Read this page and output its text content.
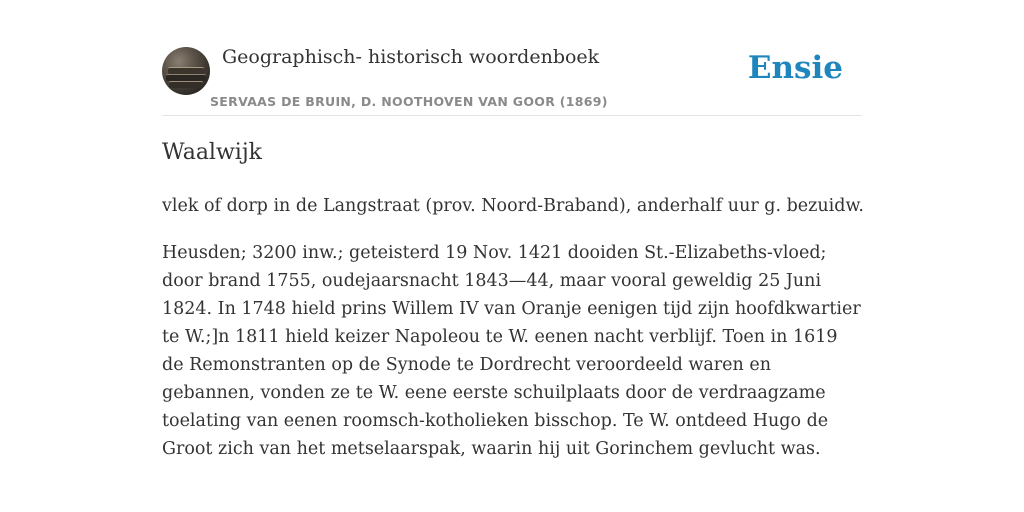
Geographisch- historisch woordenboek
SERVAAS DE BRUIN, D. NOOTHOVEN VAN GOOR (1869)
Ensie
Waalwijk

vlek of dorp in de Langstraat (prov. Noord-Braband), anderhalf uur g. bezuidw.

Heusden; 3200 inw.; geteisterd 19 Nov. 1421 dooiden St.-Elizabeths-vloed; door brand 1755, oudejaarsnacht 1843—44, maar vooral geweldig 25 Juni 1824. In 1748 hield prins Willem IV van Oranje eenigen tijd zijn hoofdkwartier te W.;]n 1811 hield keizer Napoleou te W. eenen nacht verblijf. Toen in 1619 de Remonstranten op de Synode te Dordrecht veroordeeld waren en gebannen, vonden ze te W. eene eerste schuilplaats door de verdraagzame toelating van eenen roomsch-kotholieken bisschop. Te W. ontdeed Hugo de Groot zich van het metselaarspak, waarin hij uit Gorinchem gevlucht was.
